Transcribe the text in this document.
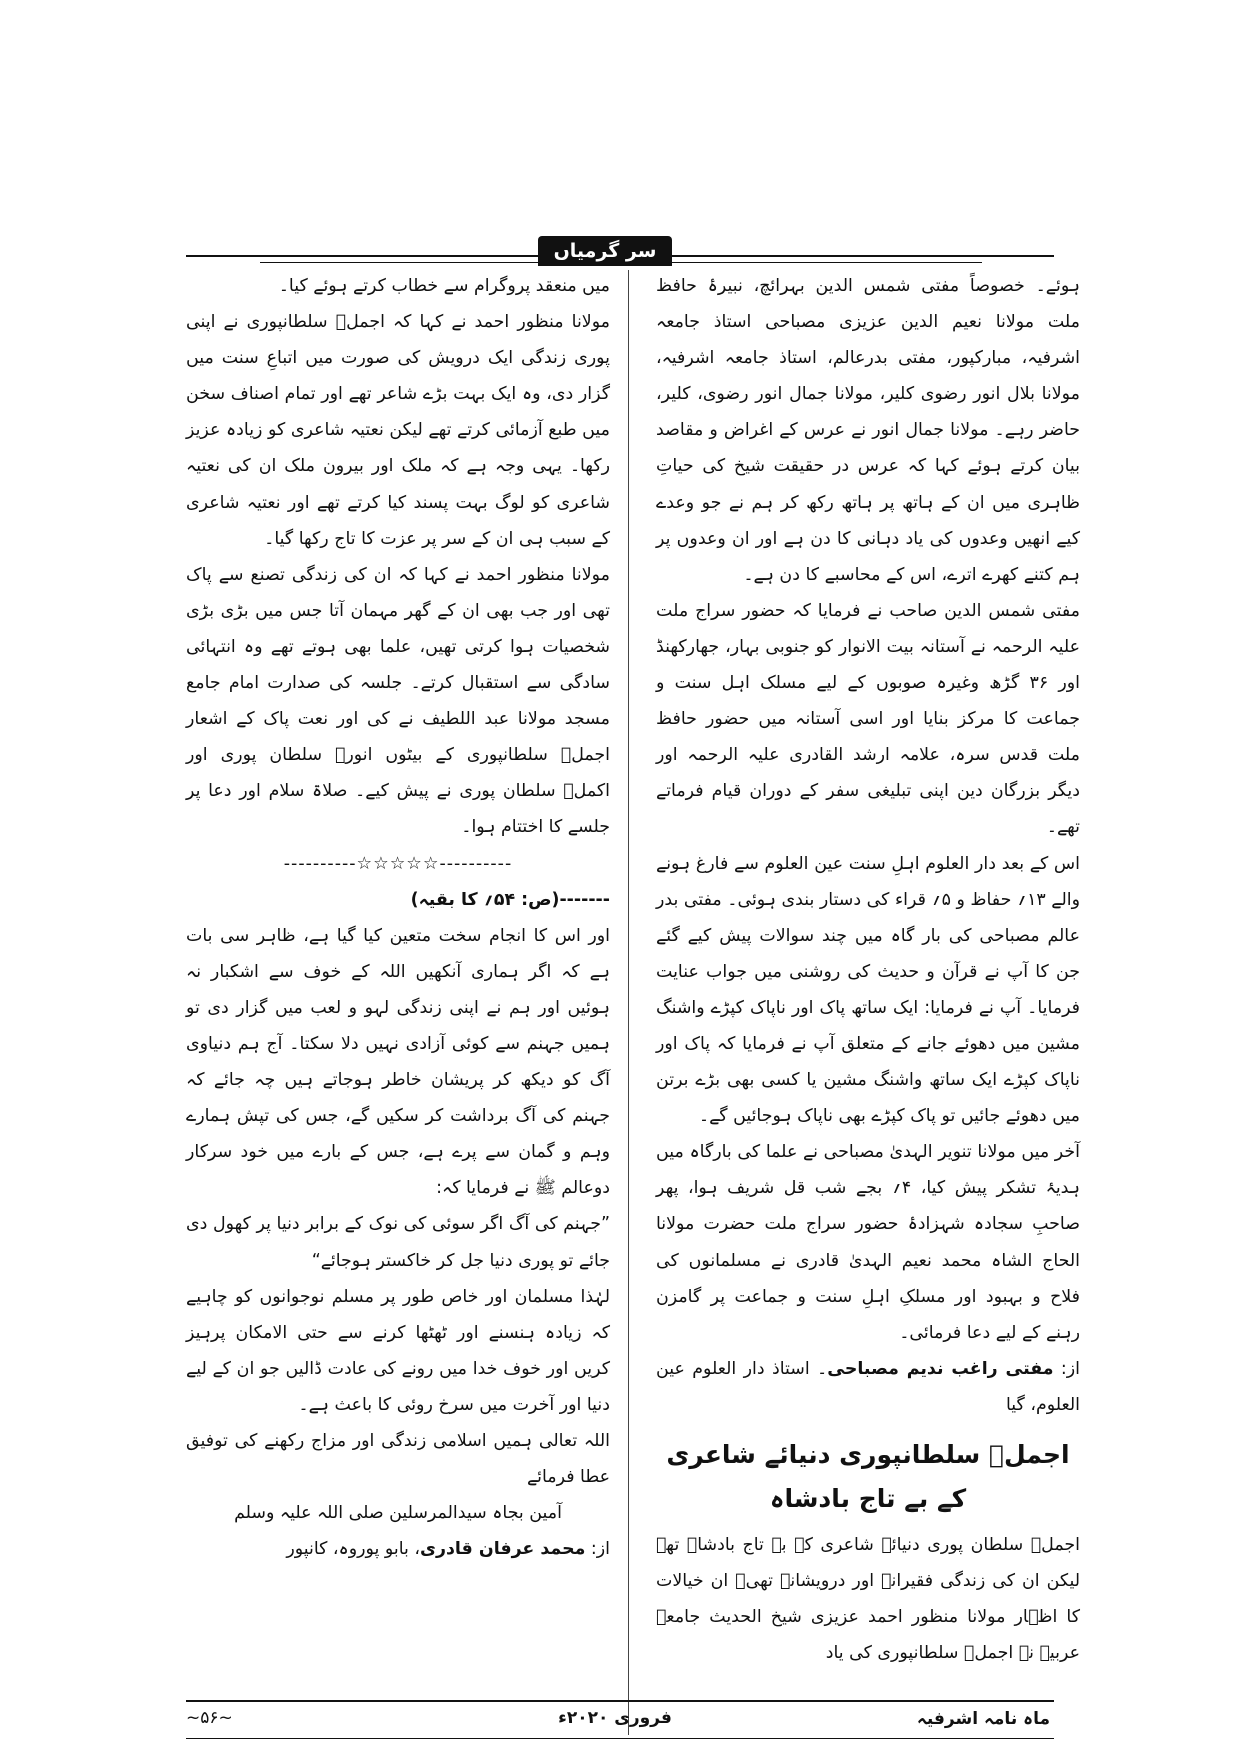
سر گرمیاں

ہوئے۔ خصوصاً مفتی شمس الدین بہرائچ، نبیرۂ حافظ ملت مولانا نعیم الدین عزیزی مصباحی استاذ جامعہ اشرفیہ، مبارکپور، مفتی بدرعالم، استاذ جامعہ اشرفیہ، مولانا بلال انور رضوی کلیر، مولانا جمال انور رضوی، کلیر، حاضر رہے۔ مولانا جمال انور نے عرس کے اغراض و مقاصد بیان کرتے ہوئے کہا کہ عرس در حقیقت شیخ کی حیاتِ ظاہری میں ان کے ہاتھ پر ہاتھ رکھ کر ہم نے جو وعدے کیے انھیں وعدوں کی یاد دہانی کا دن ہے اور ان وعدوں پر ہم کتنے کھرے اترے، اس کے محاسبے کا دن ہے۔

مفتی شمس الدین صاحب نے فرمایا کہ حضور سراج ملت علیہ الرحمہ نے آستانہ بیت الانوار کو جنوبی بہار، جھارکھنڈ اور ۳۶ گڑھ وغیرہ صوبوں کے لیے مسلک اہل سنت و جماعت کا مرکز بنایا اور اسی آستانہ میں حضور حافظ ملت قدس سرہ، علامہ ارشد القادری علیہ الرحمہ اور دیگر بزرگان دین اپنی تبلیغی سفر کے دوران قیام فرماتے تھے۔

اس کے بعد دار العلوم اہلِ سنت عین العلوم سے فارغ ہونے والے ۱۳؍ حفاظ و ۵؍ قراء کی دستار بندی ہوئی۔ مفتی بدر عالم مصباحی کی بار گاہ میں چند سوالات پیش کیے گئے جن کا آپ نے قرآن و حدیث کی روشنی میں جواب عنایت فرمایا۔ آپ نے فرمایا: ایک ساتھ پاک اور ناپاک کپڑے واشنگ مشین میں دھوئے جانے کے متعلق آپ نے فرمایا کہ پاک اور ناپاک کپڑے ایک ساتھ واشنگ مشین یا کسی بھی بڑے برتن میں دھوئے جائیں تو پاک کپڑے بھی ناپاک ہوجائیں گے۔

آخر میں مولانا تنویر الہدیٰ مصباحی نے علما کی بارگاہ میں ہدیۂ تشکر پیش کیا، ۴؍ بجے شب قل شریف ہوا، پھر صاحبِ سجادہ شہزادۂ حضور سراج ملت حضرت مولانا الحاج الشاہ محمد نعیم الہدیٰ قادری نے مسلمانوں کی فلاح و بہبود اور مسلکِ اہلِ سنت و جماعت پر گامزن رہنے کے لیے دعا فرمائی۔

از: مفتی راغب ندیم مصباحی۔ استاذ دار العلوم عین العلوم، گیا

اجملؔ سلطانپوری دنیائے شاعری کے بے تاج بادشاہ

اجملؔ سلطان پوری دنیائے شاعری کے بے تاج بادشاہ تھے لیکن ان کی زندگی فقیرانہ اور درویشانہ تھی۔ ان خیالات کا اظہار مولانا منظور احمد عزیزی شیخ الحدیث جامعہ عربیہ نے اجملؔ سلطانپوری کی یاد

میں منعقد پروگرام سے خطاب کرتے ہوئے کیا۔

مولانا منظور احمد نے کہا کہ اجملؔ سلطانپوری نے اپنی پوری زندگی ایک درویش کی صورت میں اتباعِ سنت میں گزار دی، وہ ایک بہت بڑے شاعر تھے اور تمام اصناف سخن میں طبع آزمائی کرتے تھے لیکن نعتیہ شاعری کو زیادہ عزیز رکھا۔ یہی وجہ ہے کہ ملک اور بیرون ملک ان کی نعتیہ شاعری کو لوگ بہت پسند کیا کرتے تھے اور نعتیہ شاعری کے سبب ہی ان کے سر پر عزت کا تاج رکھا گیا۔

مولانا منظور احمد نے کہا کہ ان کی زندگی تصنع سے پاک تھی اور جب بھی ان کے گھر مہمان آتا جس میں بڑی بڑی شخصیات ہوا کرتی تھیں، علما بھی ہوتے تھے وہ انتہائی سادگی سے استقبال کرتے۔ جلسہ کی صدارت امام جامع مسجد مولانا عبد اللطیف نے کی اور نعت پاک کے اشعار اجملؔ سلطانپوری کے بیٹوں انورؔ سلطان پوری اور اکملؔ سلطان پوری نے پیش کیے۔ صلاۃ سلام اور دعا پر جلسے کا اختتام ہوا۔

----------☆☆☆☆☆----------

-------(ص: ۵۴؍ کا بقیہ)

اور اس کا انجام سخت متعین کیا گیا ہے، ظاہر سی بات ہے کہ اگر ہماری آنکھیں اللہ کے خوف سے اشکبار نہ ہوئیں اور ہم نے اپنی زندگی لہو و لعب میں گزار دی تو ہمیں جہنم سے کوئی آزادی نہیں دلا سکتا۔ آج ہم دنیاوی آگ کو دیکھ کر پریشان خاطر ہوجاتے ہیں چہ جائے کہ جہنم کی آگ برداشت کر سکیں گے، جس کی تپش ہمارے وہم و گمان سے پرے ہے، جس کے بارے میں خود سرکار دوعالم ﷺ نے فرمایا کہ:

”جہنم کی آگ اگر سوئی کی نوک کے برابر دنیا پر کھول دی جائے تو پوری دنیا جل کر خاکستر ہوجائے“

لہٰذا مسلمان اور خاص طور پر مسلم نوجوانوں کو چاہیے کہ زیادہ ہنسنے اور ٹھٹھا کرنے سے حتی الامکان پرہیز کریں اور خوف خدا میں رونے کی عادت ڈالیں جو ان کے لیے دنیا اور آخرت میں سرخ روئی کا باعث ہے۔

اللہ تعالی ہمیں اسلامی زندگی اور مزاج رکھنے کی توفیق عطا فرمائے

آمین بجاہ سیدالمرسلین صلی اللہ علیہ وسلم

از: محمد عرفان قادری، بابو پوروہ، کانپور

~۵۶~	فروری ۲۰۲۰ء	ماہ نامہ اشرفیہ
